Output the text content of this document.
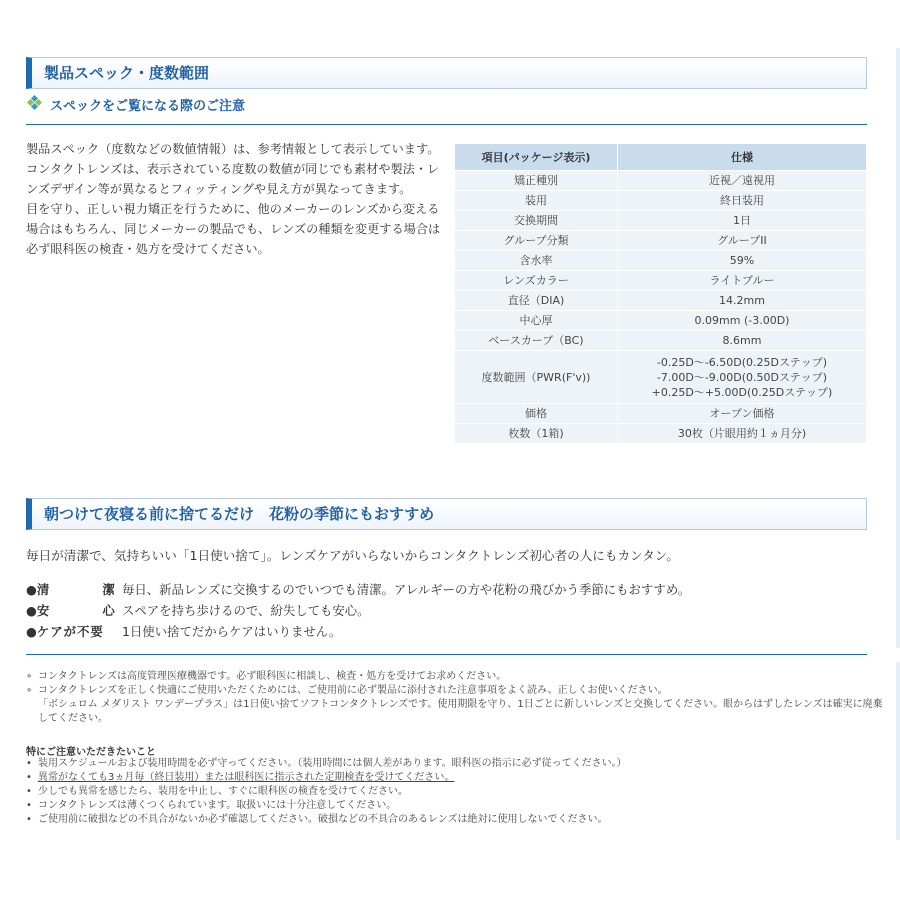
製品スペック・度数範囲
スペックをご覧になる際のご注意

製品スペック（度数などの数値情報）は、参考情報として表示しています。

コンタクトレンズは、表示されている度数の数値が同じでも素材や製法・レンズデザイン等が異なるとフィッティングや見え方が異なってきます。

目を守り、正しい視力矯正を行うために、他のメーカーのレンズから変える場合はもちろん、同じメーカーの製品でも、レンズの種類を変更する場合は必ず眼科医の検査・処方を受けてください。

項目(パッケージ表示)	仕様
矯正種別	近視／遠視用
装用	終日装用
交換期間	1日
グループ分類	グループII
含水率	59%
レンズカラー	ライトブルー
直径（DIA)	14.2mm
中心厚	0.09mm (-3.00D)
ベースカーブ（BC)	8.6mm
度数範囲（PWR(F'v))	-0.25D～-6.50D(0.25Dステップ)
-7.00D～-9.00D(0.50Dステップ)
+0.25D～+5.00D(0.25Dステップ)

価格	オープン価格
枚数（1箱)	30枚（片眼用約１ヵ月分)
朝つけて夜寝る前に捨てるだけ　花粉の季節にもおすすめ
毎日が清潔で、気持ちいい「1日使い捨て」。レンズケアがいらないからコンタクトレンズ初心者の人にもカンタン。
● 清	潔 毎日、新品レンズに交換するのでいつでも清潔。アレルギーの方や花粉の飛びかう季節にもおすすめ。
● 安	心 スペアを持ち歩けるので、紛失しても安心。
●ケアが不要	1日使い捨てだからケアはいりません。
∘ コンタクトレンズは高度管理医療機器です。必ず眼科医に相談し、検査・処方を受けてお求めください。
∘ コンタクトレンズを正しく快適にご使用いただくためには、ご使用前に必ず製品に添付された注意事項をよく読み、正しくお使いください。
「ボシュロム メダリスト ワンデープラス」は1日使い捨てソフトコンタクトレンズです。使用期限を守り、1日ごとに新しいレンズと交換してください。眼からはずしたレンズは確実に廃棄してください。
特にご注意いただきたいこと
• 装用スケジュールおよび装用時間を必ず守ってください。（装用時間には個人差があります。眼科医の指示に必ず従ってください。）
• 異常がなくても3ヵ月毎（終日装用）または眼科医に指示された定期検査を受けてください。
• 少しでも異常を感じたら、装用を中止し、すぐに眼科医の検査を受けてください。
• コンタクトレンズは薄くつくられています。取扱いには十分注意してください。
• ご使用前に破損などの不具合がないか必ず確認してください。破損などの不具合のあるレンズは絶対に使用しないでください。
